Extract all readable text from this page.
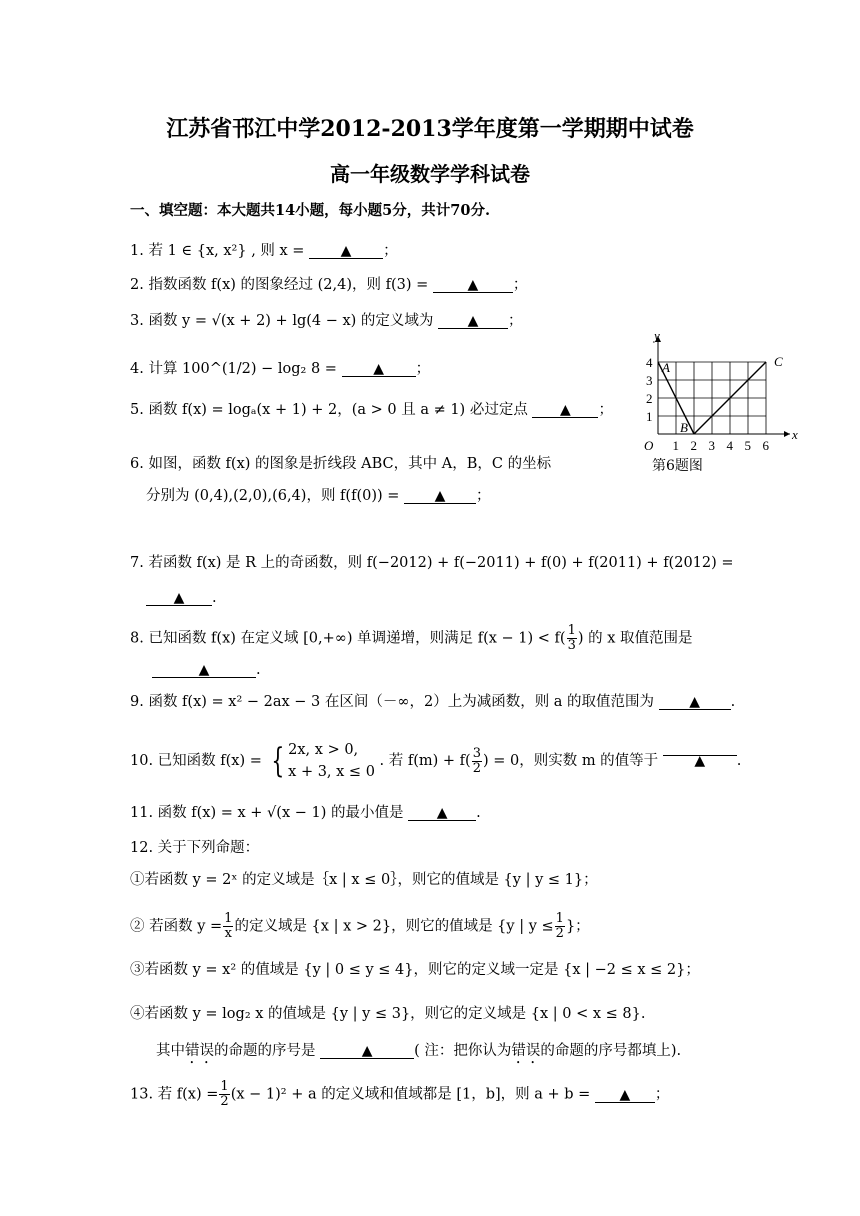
江苏省邗江中学2012-2013学年度第一学期期中试卷
高一年级数学学科试卷
一、填空题：本大题共14小题，每小题5分，共计70分.
1. 若 1 ∈ {x, x²} , 则 x =	▲ ；
2. 指数函数 f(x) 的图象经过 (2,4)，则 f(3) =	▲ ；
3. 函数 y = √(x + 2) + lg(4 − x) 的定义域为 ▲ ；
4. 计算 100^(1/2) − log₂ 8 =	▲ ；
5. 函数 f(x) = logₐ(x + 1) + 2，(a > 0 且 a ≠ 1) 必过定点 ▲ ；
6. 如图，函数 f(x) 的图象是折线段 ABC，其中 A，B，C 的坐标
分别为 (0,4),(2,0),(6,4)，则 f(f(0)) =	▲ ；
x
y
O 1 2 3 4 5 6
1
2
3
4 A
B
C
第6题图
7. 若函数 f(x) 是 R 上的奇函数，则 f(−2012) + f(−2011) + f(0) + f(2011) + f(2012) =
▲ .
8. 已知函数 f(x) 在定义域 [0,+∞) 单调递增，则满足 $f(x - 1) < f( \frac{1}{3}$ ) 的 x 取值范围是
▲	.
9. 函数 f(x) = x² − 2ax − 3 在区间（－∞，2）上为减函数，则 a 的取值范围为	▲ .
10. 已知函数 f(x) = { 2x, x > 0,
x + 3, x ≤ 0
. 若 $f(m) + f( \frac{3}{2}$ ) = 0，则实数 m 的值等于	▲ .
11. 函数 f(x) = x + √(x − 1) 的最小值是 ▲ .
12. 关于下列命题：
①若函数 y = 2ˣ 的定义域是｛x | x ≤ 0｝，则它的值域是 {y | y ≤ 1}；
② 若函数 $y = \frac{1}{x}$ 的定义域是 {x | x > 2}，则它的值域是 {y | $y \le \frac{1}{2}$ }；
③若函数 y = x² 的值域是 {y | 0 ≤ y ≤ 4}，则它的定义域一定是 {x | −2 ≤ x ≤ 2}；
④若函数 y = log₂ x 的值域是 {y | y ≤ 3}，则它的定义域是 {x | 0 < x ≤ 8}.
其中错误的命题的序号是	▲	( 注：把你认为错误的命题的序号都填上).
13. 若 $f(x) = \frac{1}{2} (x - 1)^2 + a$ 的定义域和值域都是 [1，b]，则 a + b = ▲ ；
